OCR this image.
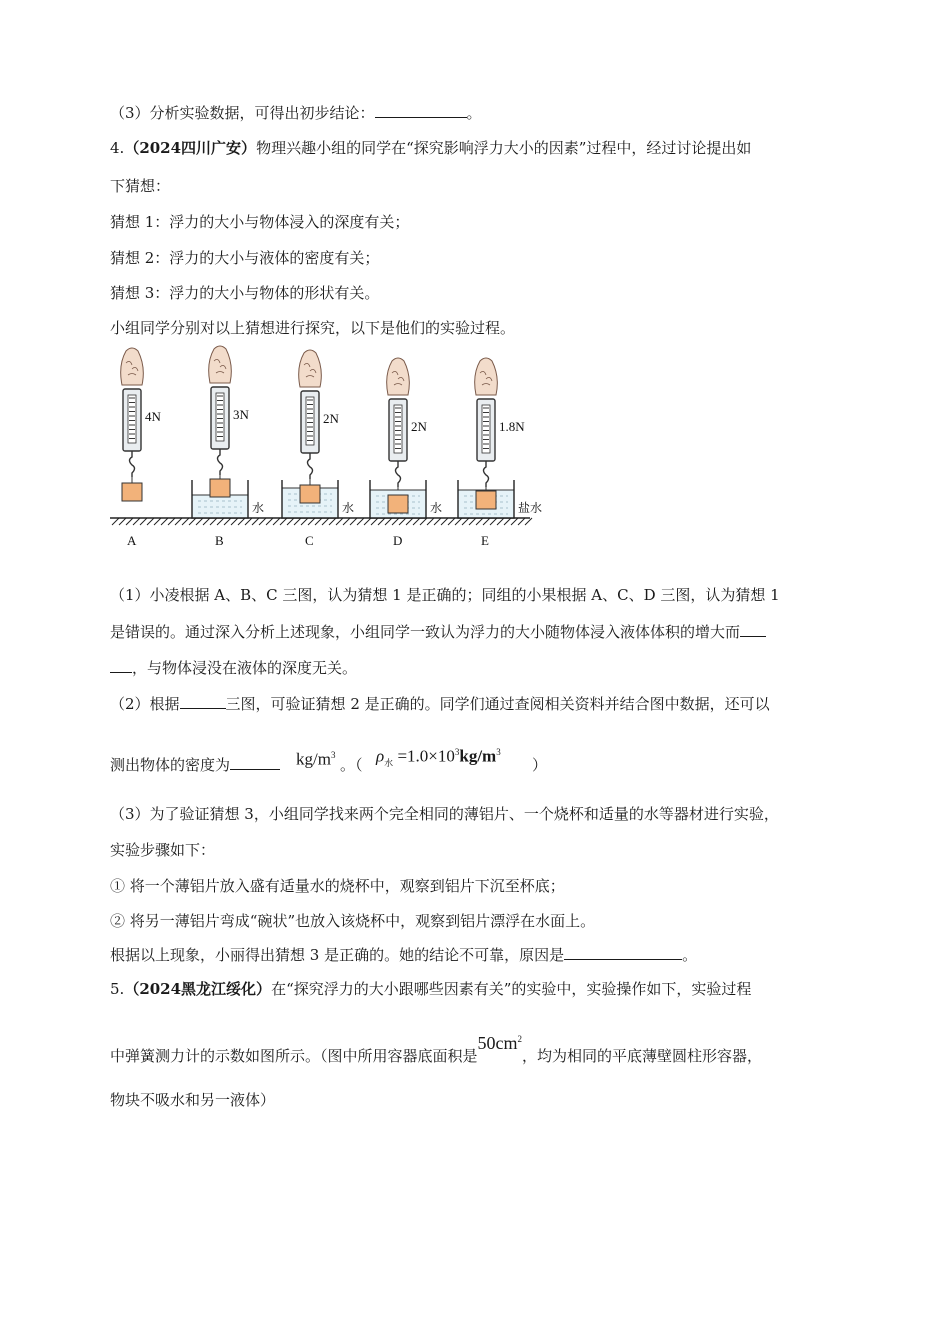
（3）分析实验数据，可得出初步结论：	。
4.（2024四川广安）物理兴趣小组的同学在“探究影响浮力大小的因素”过程中，经过讨论提出如
下猜想：
猜想 1：浮力的大小与物体浸入的深度有关；
猜想 2：浮力的大小与液体的密度有关；
猜想 3：浮力的大小与物体的形状有关。
小组同学分别对以上猜想进行探究，以下是他们的实验过程。
4N
A
3N
水
B
2N
水
C
2N
水
D
1.8N
盐水
E
（1）小凌根据 A、B、C 三图，认为猜想 1 是正确的；同组的小果根据 A、C、D 三图，认为猜想 1
是错误的。通过深入分析上述现象，小组同学一致认为浮力的大小随物体浸入液体体积的增大而
，与物体浸没在液体的深度无关。
（2）根据	三图，可验证猜想 2 是正确的。同学们通过查阅相关资料并结合图中数据，还可以
测出物体的密度为	$kg/m^3$
。（ $\rho_水 =1.0\times 10^3kg/m^3$
）
（3）为了验证猜想 3，小组同学找来两个完全相同的薄铝片、一个烧杯和适量的水等器材进行实验，
实验步骤如下：
① 将一个薄铝片放入盛有适量水的烧杯中，观察到铝片下沉至杯底；
② 将另一薄铝片弯成“碗状”也放入该烧杯中，观察到铝片漂浮在水面上。
根据以上现象，小丽得出猜想 3 是正确的。她的结论不可靠，原因是	。
5.（2024黑龙江绥化）在“探究浮力的大小跟哪些因素有关”的实验中，实验操作如下，实验过程
中弹簧测力计的示数如图所示。（图中所用容器底面积是$50cm^2$，均为相同的平底薄壁圆柱形容器，
物块不吸水和另一液体）
